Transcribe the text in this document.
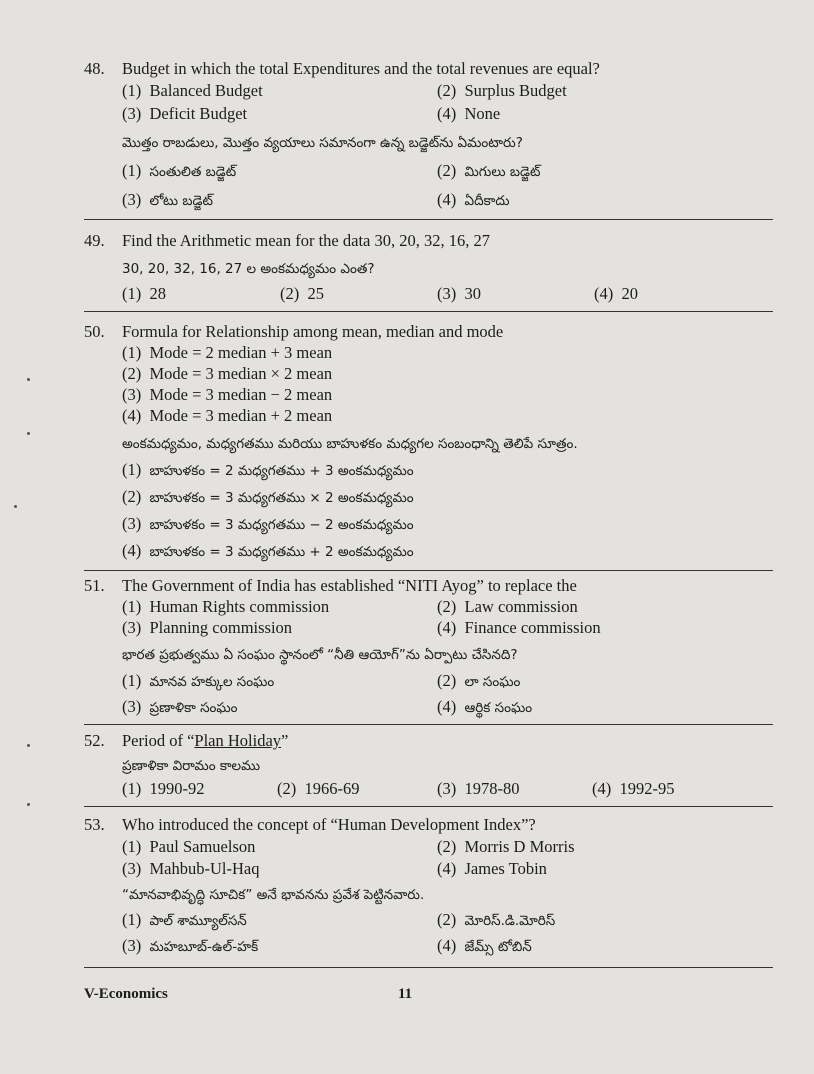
48. Budget in which the total Expenditures and the total revenues are equal?
(1) Balanced Budget	(2) Surplus Budget
(3) Deficit Budget	(4) None
మొత్తం రాబడులు, మొత్తం వ్యయాలు సమానంగా ఉన్న బడ్జెట్‌ను ఏమంటారు?
(1) సంతులిత బడ్జెట్	(2) మిగులు బడ్జెట్
(3) లోటు బడ్జెట్	(4) ఏదీకాదు
49. Find the Arithmetic mean for the data 30, 20, 32, 16, 27
30, 20, 32, 16, 27 ల అంకమధ్యమం ఎంత?
(1) 28	(2) 25	(3) 30	(4) 20
50. Formula for Relationship among mean, median and mode
(1) Mode = 2 median + 3 mean
(2) Mode = 3 median × 2 mean
(3) Mode = 3 median − 2 mean
(4) Mode = 3 median + 2 mean
అంకమధ్యమం, మధ్యగతము మరియు బాహుళకం మధ్యగల సంబంధాన్ని తెలిపే సూత్రం.
(1) బాహుళకం = 2 మధ్యగతము + 3 అంకమధ్యమం
(2) బాహుళకం = 3 మధ్యగతము × 2 అంకమధ్యమం
(3) బాహుళకం = 3 మధ్యగతము − 2 అంకమధ్యమం
(4) బాహుళకం = 3 మధ్యగతము + 2 అంకమధ్యమం
51. The Government of India has established “NITI Ayog” to replace the
(1) Human Rights commission	(2) Law commission
(3) Planning commission	(4) Finance commission
భారత ప్రభుత్వము ఏ సంఘం స్థానంలో “నీతి ఆయోగ్”ను ఏర్పాటు చేసినది?
(1) మానవ హక్కుల సంఘం	(2) లా సంఘం
(3) ప్రణాళికా సంఘం	(4) ఆర్థిక సంఘం
52. Period of “Plan Holiday”
ప్రణాళికా విరామం కాలము
(1) 1990-92	(2) 1966-69	(3) 1978-80	(4) 1992-95
53. Who introduced the concept of “Human Development Index”?
(1) Paul Samuelson	(2) Morris D Morris
(3) Mahbub-Ul-Haq	(4) James Tobin
“మానవాభివృద్ధి సూచిక” అనే భావనను ప్రవేశ పెట్టినవారు.
(1) పాల్ శామ్యూల్‌సన్	(2) మోరిస్.డి.మోరిస్
(3) మహబూబ్-ఉల్-హక్	(4) జేమ్స్ టోబిన్
V-Economics	11
